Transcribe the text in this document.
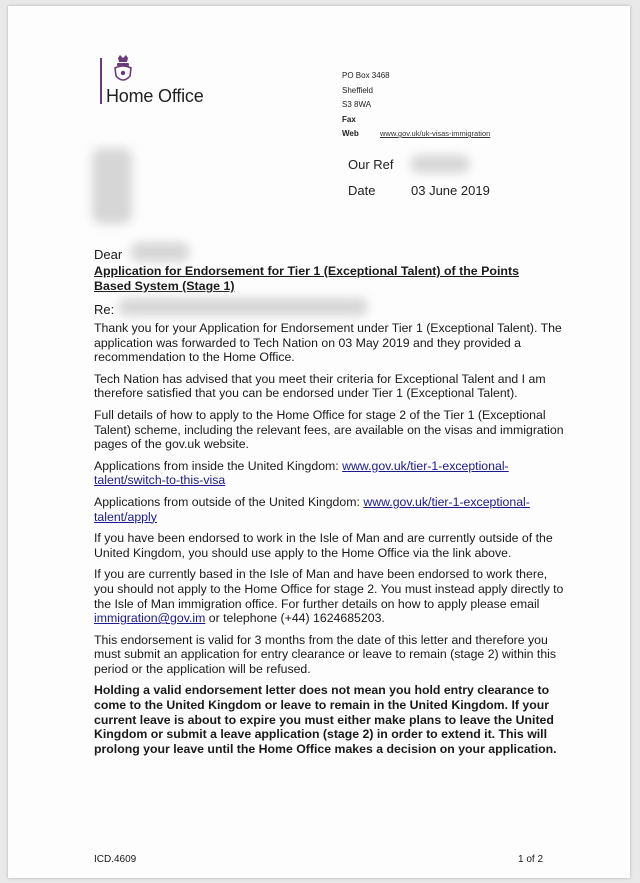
Home Office
PO Box 3468
Sheffield
S3 8WA
Fax
Web	www.gov.uk/uk-visas-immigration
Our Ref
Date	03 June 2019
Dear
Application for Endorsement for Tier 1 (Exceptional Talent) of the Points Based System (Stage 1)
Re:

Thank you for your Application for Endorsement under Tier 1 (Exceptional Talent). The application was forwarded to Tech Nation on 03 May 2019 and they provided a recommendation to the Home Office.

Tech Nation has advised that you meet their criteria for Exceptional Talent and I am therefore satisfied that you can be endorsed under Tier 1 (Exceptional Talent).

Full details of how to apply to the Home Office for stage 2 of the Tier 1 (Exceptional Talent) scheme, including the relevant fees, are available on the visas and immigration pages of the gov.uk website.

Applications from inside the United Kingdom: www.gov.uk/tier-1-exceptional-talent/switch-to-this-visa

Applications from outside of the United Kingdom: www.gov.uk/tier-1-exceptional-talent/apply

If you have been endorsed to work in the Isle of Man and are currently outside of the United Kingdom, you should use apply to the Home Office via the link above.

If you are currently based in the Isle of Man and have been endorsed to work there, you should not apply to the Home Office for stage 2. You must instead apply directly to the Isle of Man immigration office. For further details on how to apply please email immigration@gov.im or telephone (+44) 1624685203.

This endorsement is valid for 3 months from the date of this letter and therefore you must submit an application for entry clearance or leave to remain (stage 2) within this period or the application will be refused.

Holding a valid endorsement letter does not mean you hold entry clearance to come to the United Kingdom or leave to remain in the United Kingdom. If your current leave is about to expire you must either make plans to leave the United Kingdom or submit a leave application (stage 2) in order to extend it. This will prolong your leave until the Home Office makes a decision on your application.

ICD.4609	1 of 2
